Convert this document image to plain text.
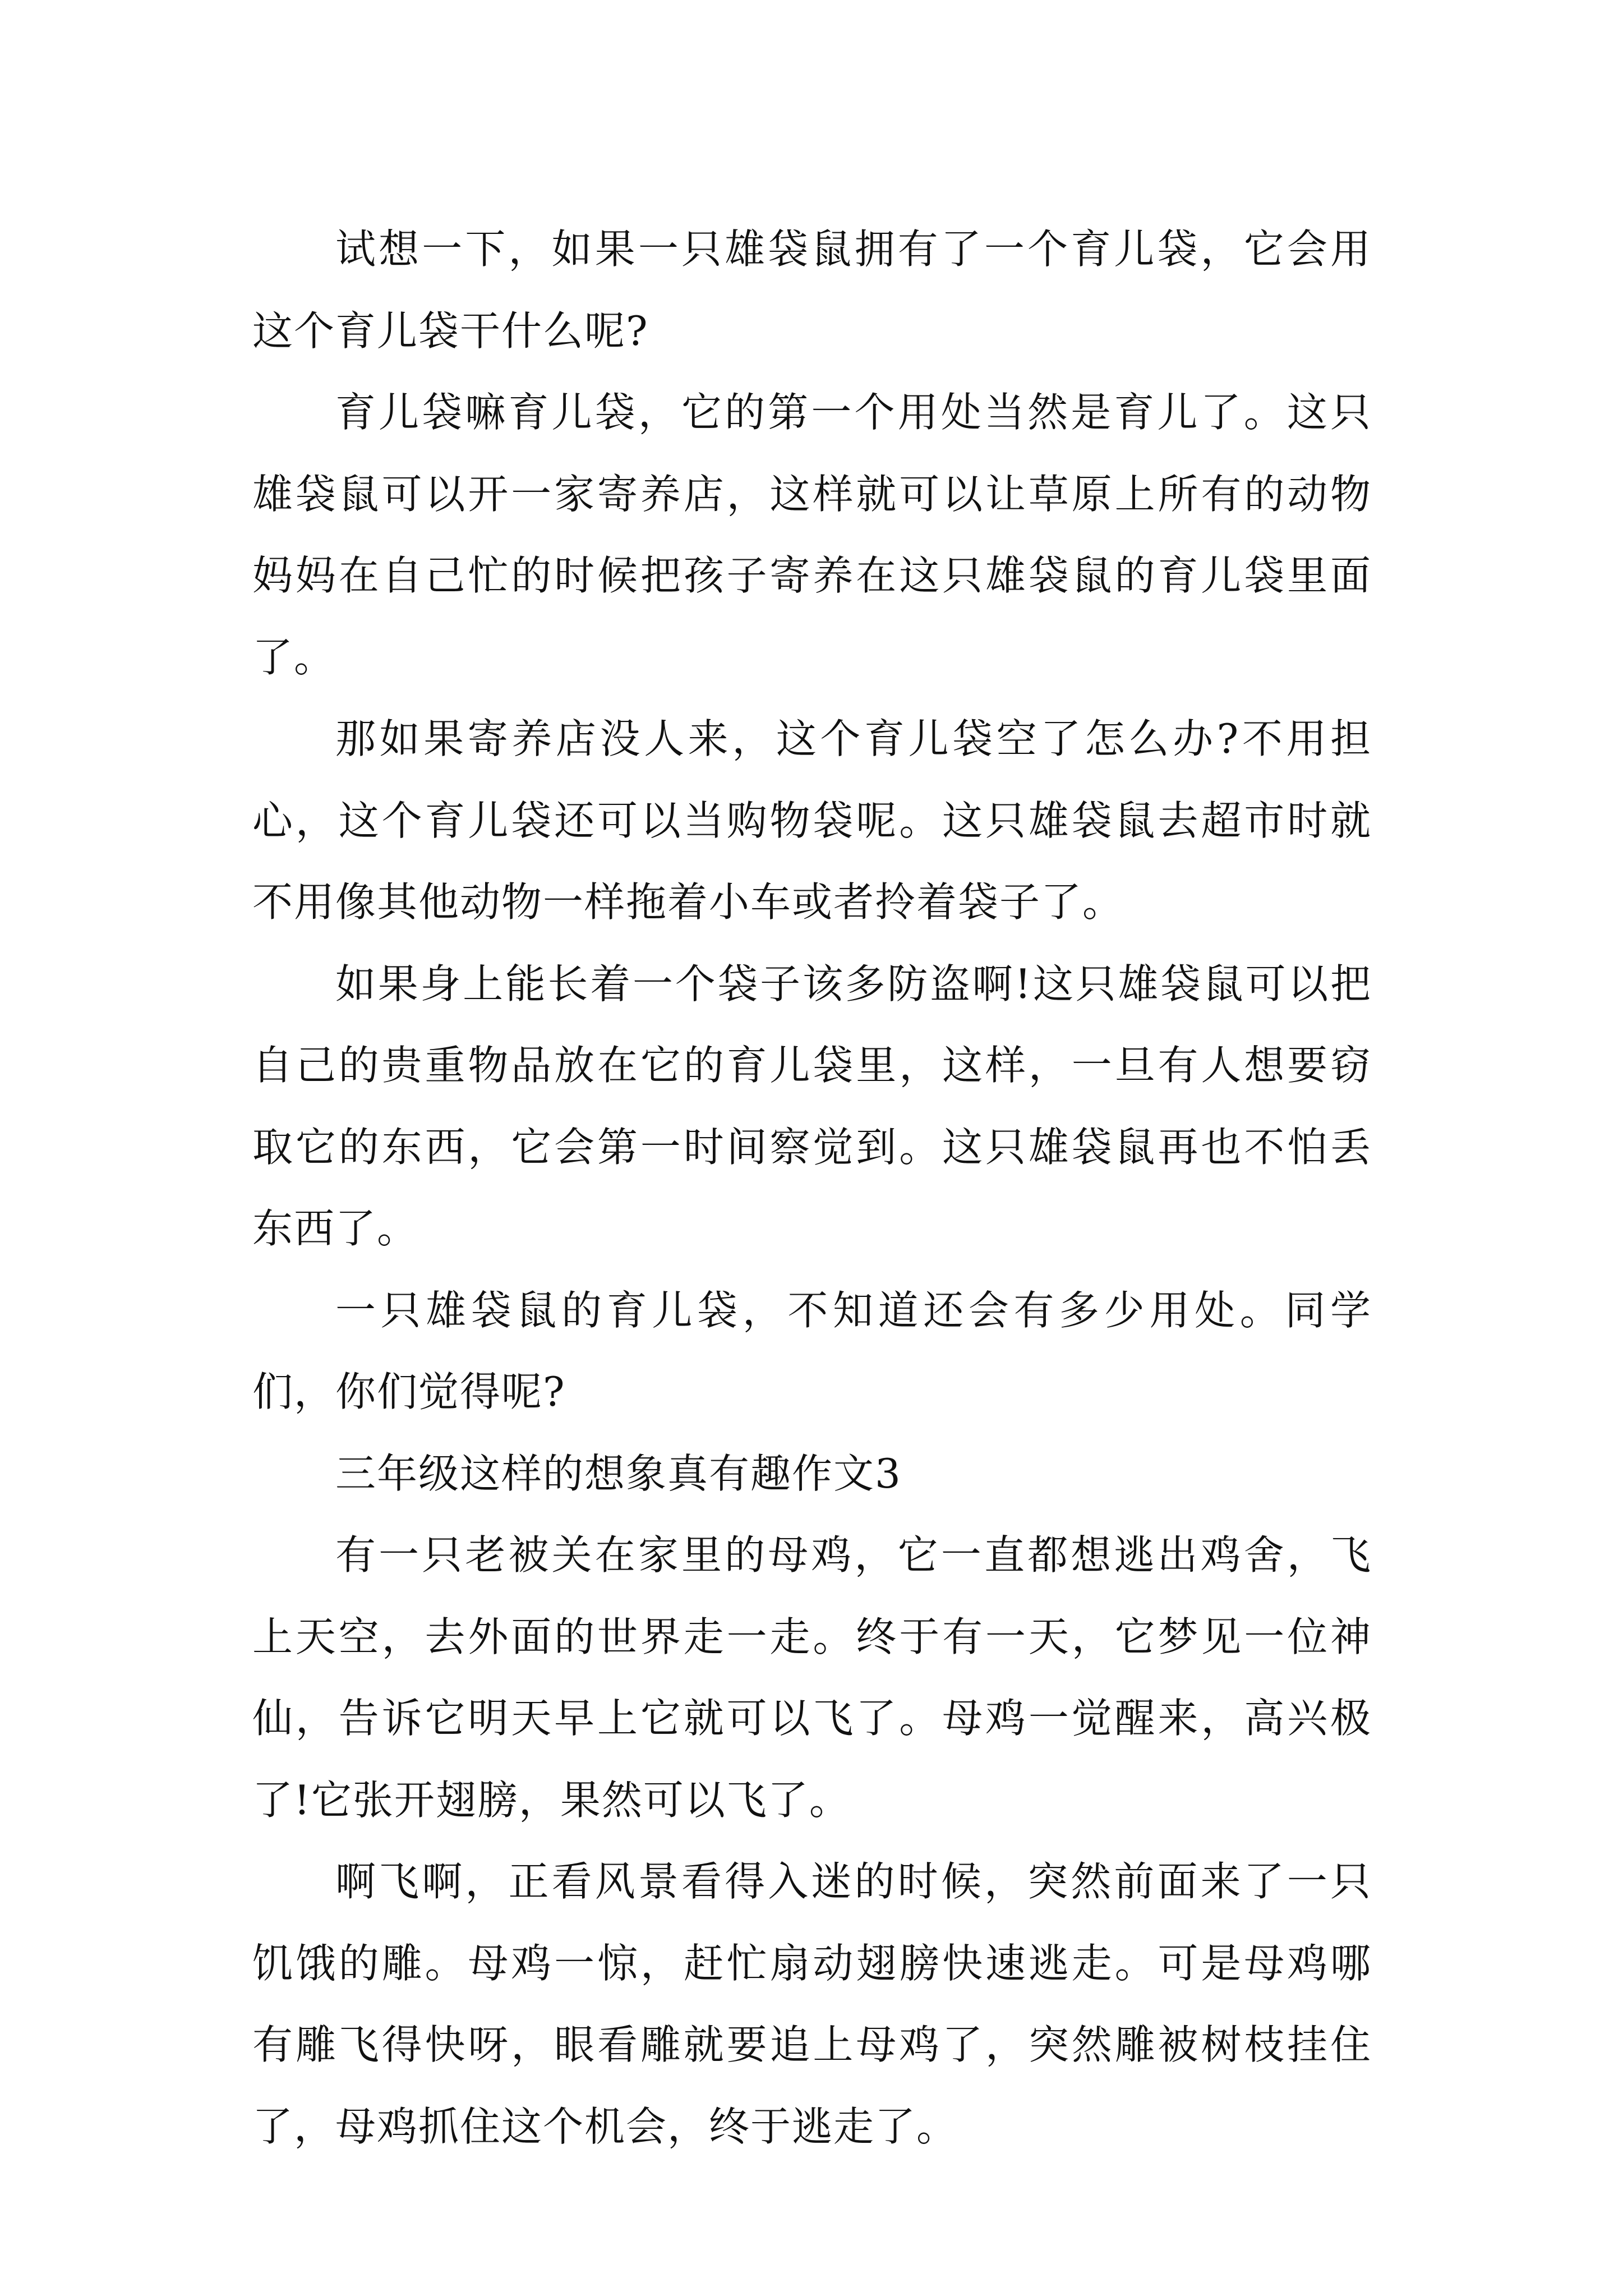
试想一下，如果一只雄袋鼠拥有了一个育儿袋，它会用这个育儿袋干什么呢?

育儿袋嘛育儿袋，它的第一个用处当然是育儿了。这只雄袋鼠可以开一家寄养店，这样就可以让草原上所有的动物妈妈在自己忙的时候把孩子寄养在这只雄袋鼠的育儿袋里面了。

那如果寄养店没人来，这个育儿袋空了怎么办?不用担心，这个育儿袋还可以当购物袋呢。这只雄袋鼠去超市时就不用像其他动物一样拖着小车或者拎着袋子了。

如果身上能长着一个袋子该多防盗啊!这只雄袋鼠可以把自己的贵重物品放在它的育儿袋里，这样，一旦有人想要窃取它的东西，它会第一时间察觉到。这只雄袋鼠再也不怕丢东西了。

一只雄袋鼠的育儿袋，不知道还会有多少用处。同学们，你们觉得呢?

三年级这样的想象真有趣作文3

有一只老被关在家里的母鸡，它一直都想逃出鸡舍，飞上天空，去外面的世界走一走。终于有一天，它梦见一位神仙，告诉它明天早上它就可以飞了。母鸡一觉醒来，高兴极了!它张开翅膀，果然可以飞了。

啊飞啊，正看风景看得入迷的时候，突然前面来了一只饥饿的雕。母鸡一惊，赶忙扇动翅膀快速逃走。可是母鸡哪有雕飞得快呀，眼看雕就要追上母鸡了，突然雕被树枝挂住了，母鸡抓住这个机会，终于逃走了。
